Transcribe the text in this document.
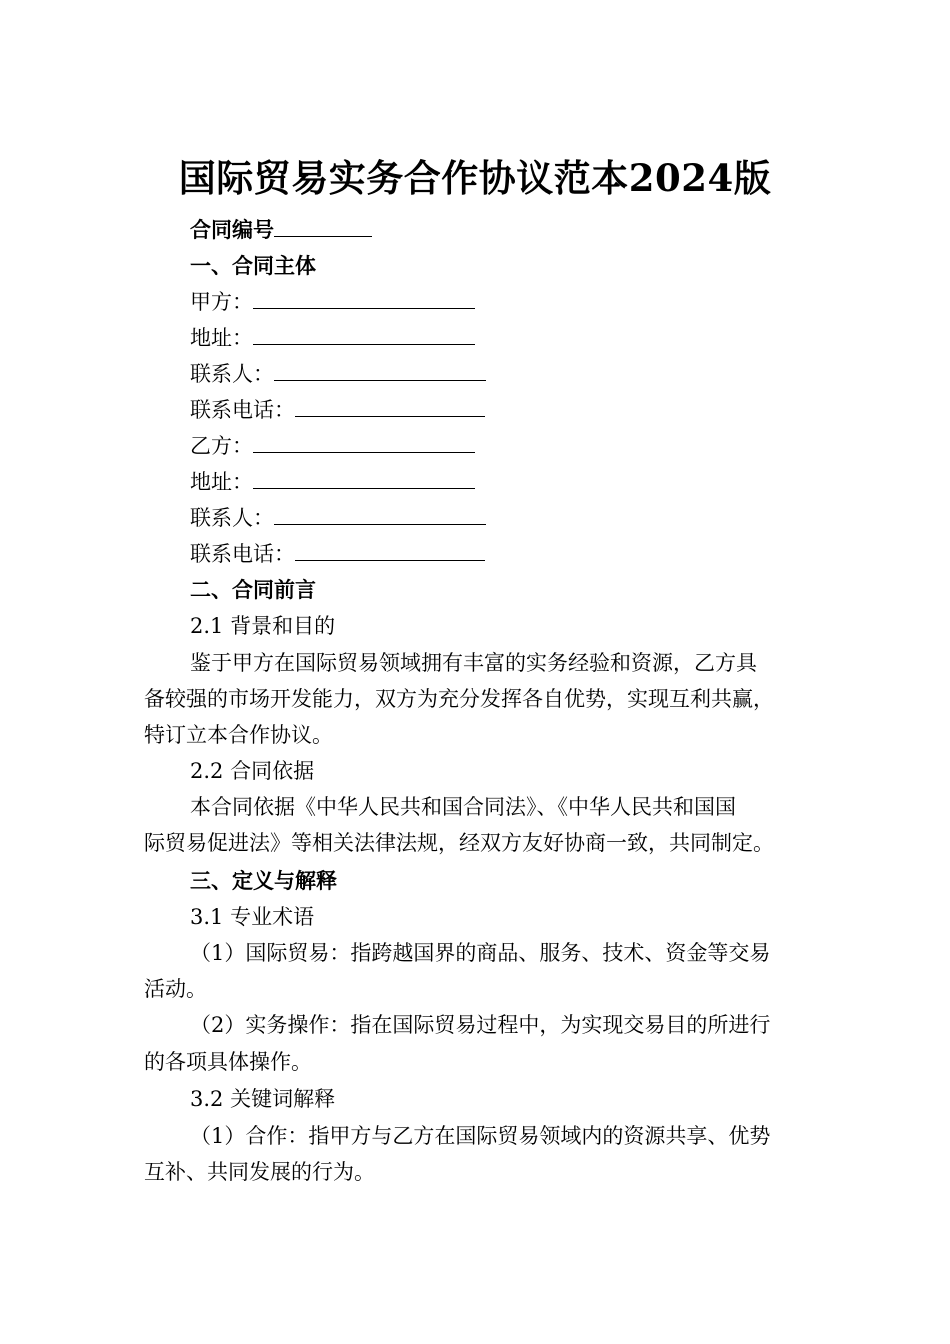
国际贸易实务合作协议范本2024版
合同编号
一、合同主体
甲方：
地址：
联系人：
联系电话：
乙方：
地址：
联系人：
联系电话：
二、合同前言
2.1 背景和目的
鉴于甲方在国际贸易领域拥有丰富的实务经验和资源，乙方具
备较强的市场开发能力，双方为充分发挥各自优势，实现互利共赢，
特订立本合作协议。
2.2 合同依据
本合同依据《中华人民共和国合同法》、《中华人民共和国国
际贸易促进法》等相关法律法规，经双方友好协商一致，共同制定。
三、定义与解释
3.1 专业术语
（1）国际贸易：指跨越国界的商品、服务、技术、资金等交易
活动。
（2）实务操作：指在国际贸易过程中，为实现交易目的所进行
的各项具体操作。
3.2 关键词解释
（1）合作：指甲方与乙方在国际贸易领域内的资源共享、优势
互补、共同发展的行为。
